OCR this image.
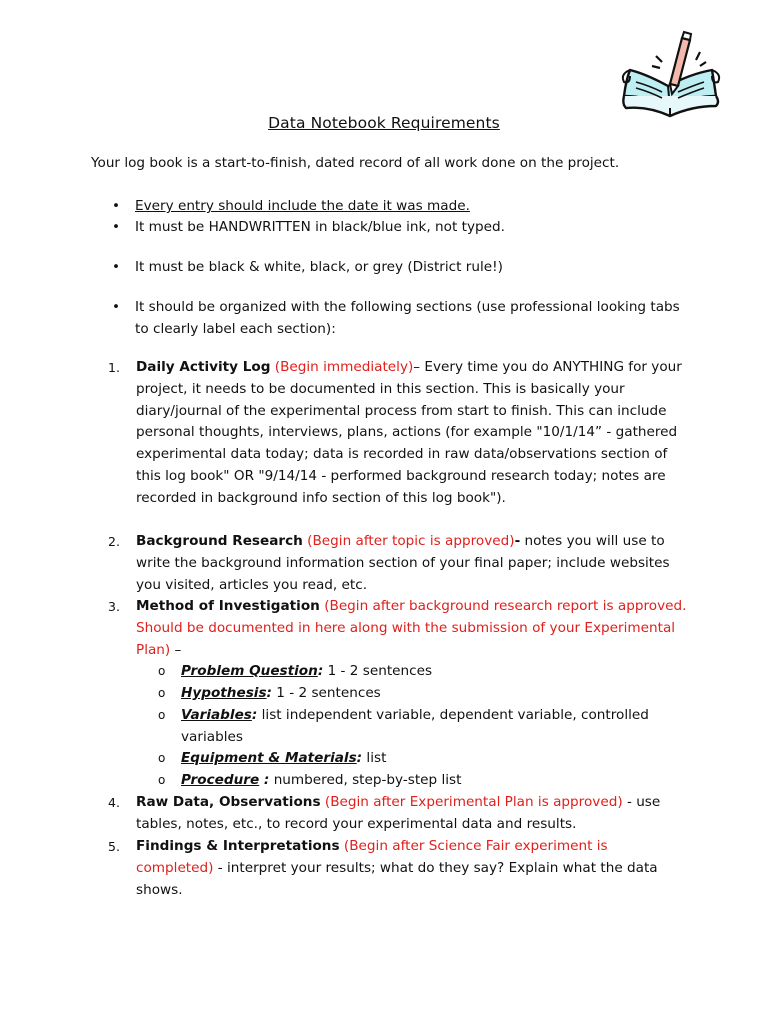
Data Notebook Requirements
Your log book is a start-to-finish, dated record of all work done on the project.
•	Every entry should include the date it was made.
•	It must be HANDWRITTEN in black/blue ink, not typed.
•	It must be black & white, black, or grey (District rule!)
•	It should be organized with the following sections (use professional looking tabs to clearly label each section):
1.	Daily Activity Log (Begin immediately)– Every time you do ANYTHING for your project, it needs to be documented in this section. This is basically your diary/journal of the experimental process from start to finish. This can include personal thoughts, interviews, plans, actions (for example "10/1/14” - gathered experimental data today; data is recorded in raw data/observations section of this log book" OR "9/14/14 - performed background research today; notes are recorded in background info section of this log book").
2.	Background Research (Begin after topic is approved)- notes you will use to write the background information section of your final paper; include websites you visited, articles you read, etc.
3.	Method of Investigation (Begin after background research report is approved. Should be documented in here along with the submission of your Experimental Plan) –
o	Problem Question: 1 - 2 sentences
o	Hypothesis: 1 - 2 sentences
o	Variables: list independent variable, dependent variable, controlled variables
o	Equipment & Materials: list
o	Procedure : numbered, step-by-step list
4.	Raw Data, Observations (Begin after Experimental Plan is approved) - use tables, notes, etc., to record your experimental data and results.
5.	Findings & Interpretations (Begin after Science Fair experiment is completed) - interpret your results; what do they say? Explain what the data shows.
